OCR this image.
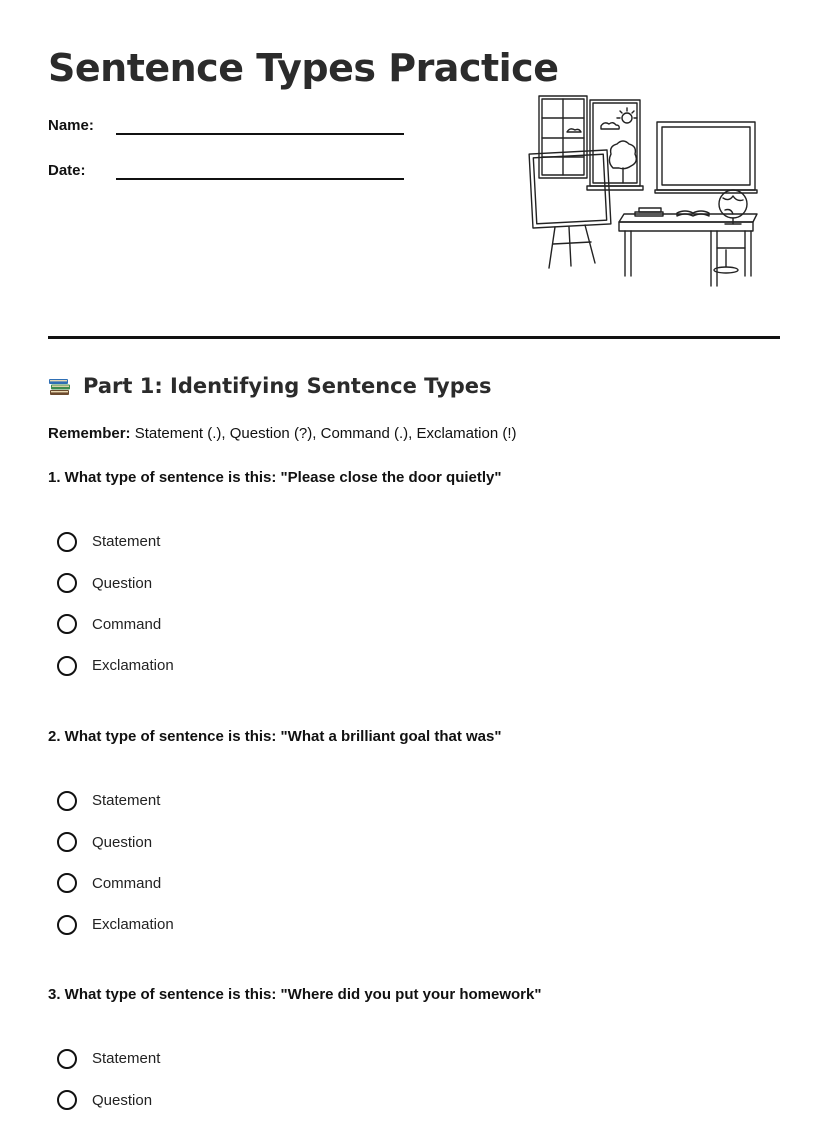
Sentence Types Practice
Name:
Date:
Part 1: Identifying Sentence Types
Remember: Statement (.), Question (?), Command (.), Exclamation (!)

1. What type of sentence is this: "Please close the door quietly"

Statement
Question
Command
Exclamation

2. What type of sentence is this: "What a brilliant goal that was"

Statement
Question
Command
Exclamation

3. What type of sentence is this: "Where did you put your homework"

Statement
Question
